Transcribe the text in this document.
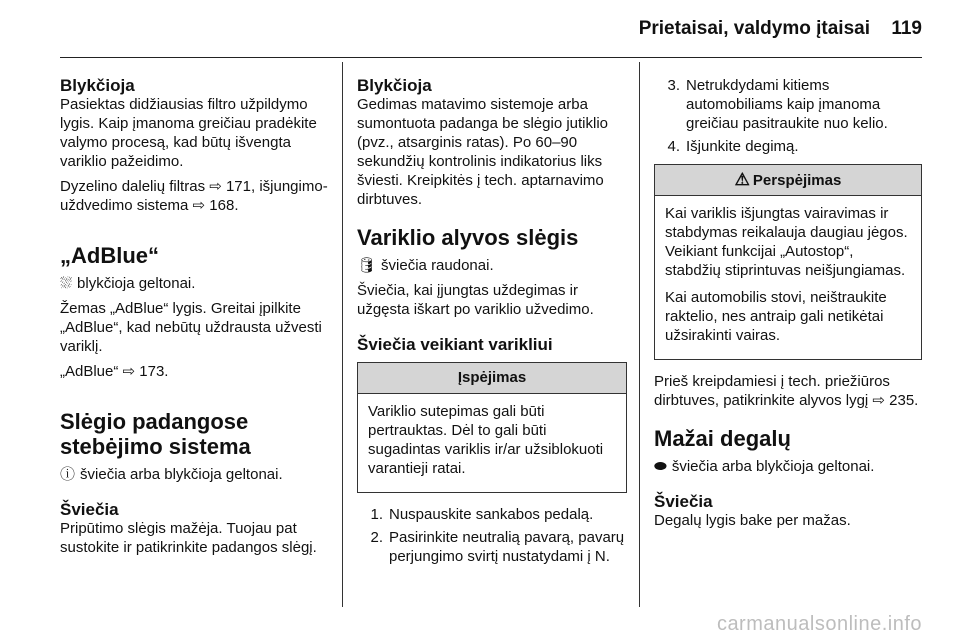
Prietaisai, valdymo įtaisai 119

Blykčioja

Pasiektas didžiausias filtro užpildymo lygis. Kaip įmanoma greičiau pradėkite valymo procesą, kad būtų išvengta variklio pažeidimo.

Dyzelino dalelių filtras ⇨ 171, išjungimo-uždvedimo sistema ⇨ 168.

„AdBlue“

⛆ blykčioja geltonai.

Žemas „AdBlue“ lygis. Greitai įpilkite „AdBlue“, kad nebūtų uždrausta užvesti variklį.

„AdBlue“ ⇨ 173.

Slėgio padangose

stebėjimo sistema

ⓘ šviečia arba blykčioja geltonai.

Šviečia

Pripūtimo slėgis mažėja. Tuojau pat sustokite ir patikrinkite padangos slėgį.

Blykčioja

Gedimas matavimo sistemoje arba sumontuota padanga be slėgio jutiklio (pvz., atsarginis ratas). Po 60–90 sekundžių kontrolinis indikatorius liks šviesti. Kreipkitės į tech. aptarnavimo dirbtuves.

Variklio alyvos slėgis

🛢 šviečia raudonai.

Šviečia, kai įjungtas uždegimas ir užgęsta iškart po variklio užvedimo.

Šviečia veikiant varikliui

Įspėjimas

Variklio sutepimas gali būti pertrauktas. Dėl to gali būti sugadintas variklis ir/ar užsiblokuoti varantieji ratai.

1. Nuspauskite sankabos pedalą.
2. Pasirinkite neutralią pavarą, pavarų perjungimo svirtį nustatydami į N.
3. Netrukdydami kitiems automobiliams kaip įmanoma greičiau pasitraukite nuo kelio.
4. Išjunkite degimą.
⚠ Perspėjimas

Kai variklis išjungtas vairavimas ir stabdymas reikalauja daugiau jėgos. Veikiant funkcijai „Autostop“, stabdžių stiprintuvas neišjungiamas.

Kai automobilis stovi, neištraukite raktelio, nes antraip gali netikėtai užsirakinti vairas.

Prieš kreipdamiesi į tech. priežiūros dirbtuves, patikrinkite alyvos lygį ⇨ 235.

Mažai degalų

⬬ šviečia arba blykčioja geltonai.

Šviečia

Degalų lygis bake per mažas.

carmanualsonline.info
